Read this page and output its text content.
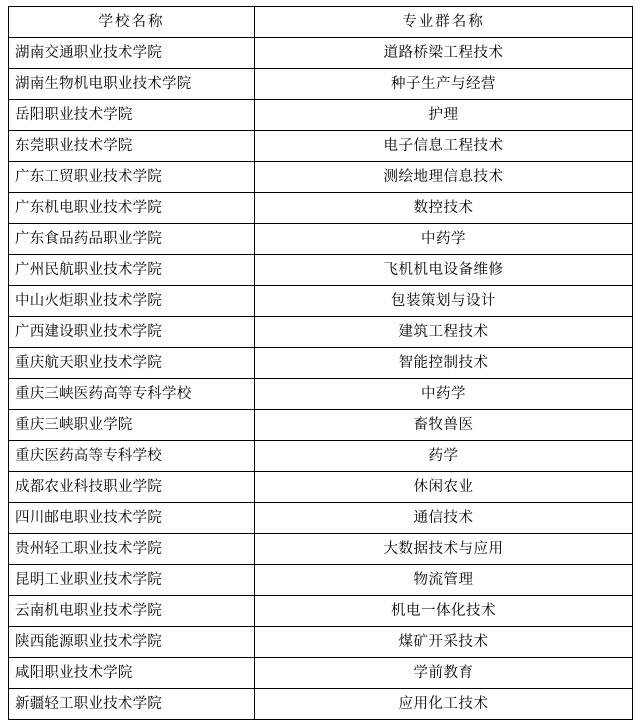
学校名称	专业群名称
湖南交通职业技术学院	道路桥梁工程技术
湖南生物机电职业技术学院	种子生产与经营
岳阳职业技术学院	护理
东莞职业技术学院	电子信息工程技术
广东工贸职业技术学院	测绘地理信息技术
广东机电职业技术学院	数控技术
广东食品药品职业学院	中药学
广州民航职业技术学院	飞机机电设备维修
中山火炬职业技术学院	包装策划与设计
广西建设职业技术学院	建筑工程技术
重庆航天职业技术学院	智能控制技术
重庆三峡医药高等专科学校	中药学
重庆三峡职业学院	畜牧兽医
重庆医药高等专科学校	药学
成都农业科技职业学院	休闲农业
四川邮电职业技术学院	通信技术
贵州轻工职业技术学院	大数据技术与应用
昆明工业职业技术学院	物流管理
云南机电职业技术学院	机电一体化技术
陕西能源职业技术学院	煤矿开采技术
咸阳职业技术学院	学前教育
新疆轻工职业技术学院	应用化工技术
